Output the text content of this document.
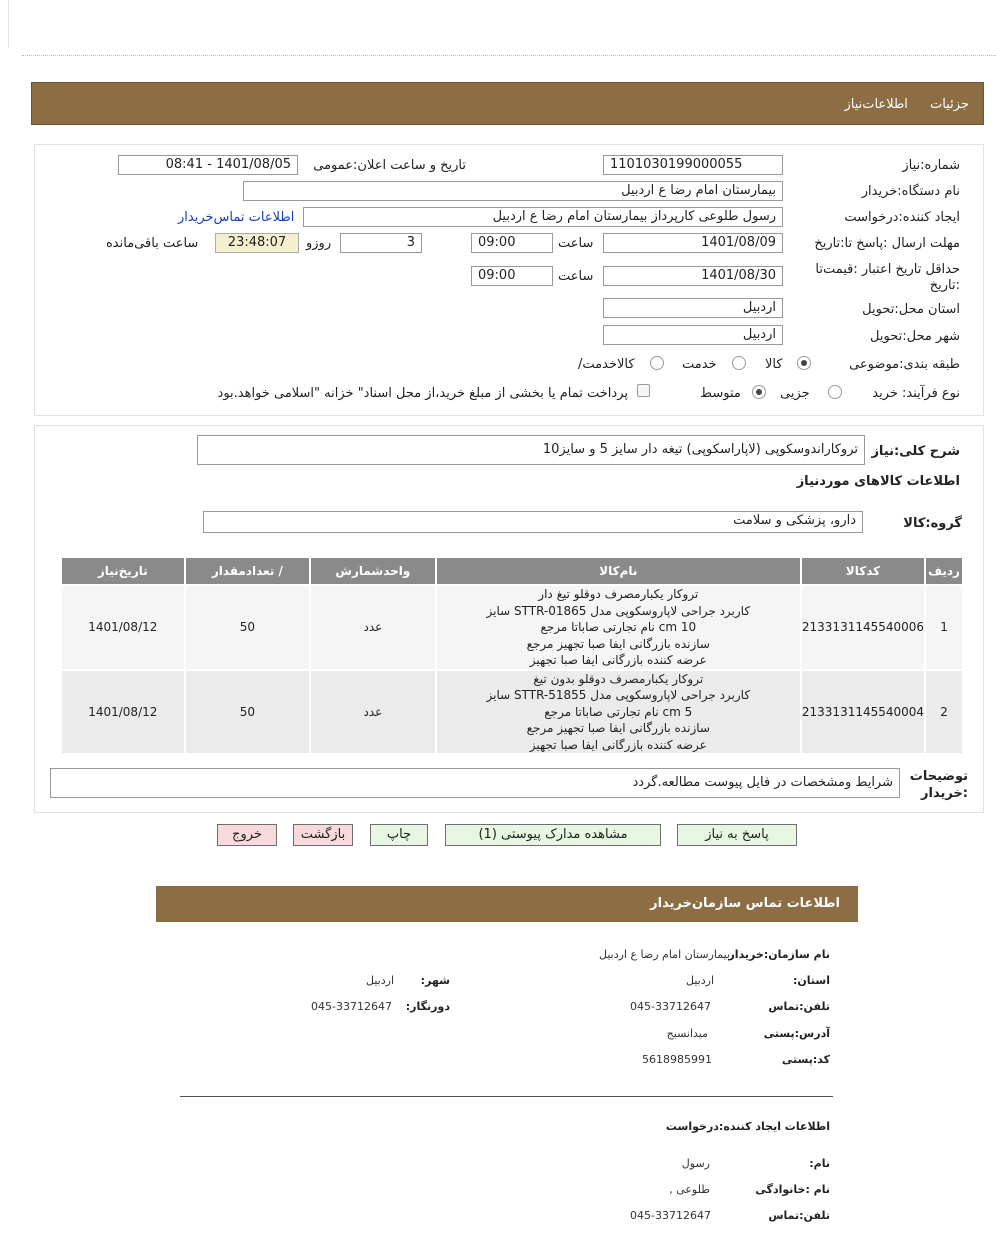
جزئیات اطلاعات‌نیاز
شماره:نیاز
1101030199000055
تاریخ و ساعت اعلان:عمومی
1401/08/05 - 08:41
نام دستگاه:خریدار
بیمارستان امام رضا ع اردبیل
ایجاد کننده:درخواست
رسول طلوعی کارپرداز بیمارستان امام رضا ع اردبیل
اطلاعات تماس‌خریدار
مهلت ارسال :پاسخ تا:تاریخ
1401/08/09
ساعت
09:00
3
روزو
23:48:07
ساعت باقی‌مانده
حداقل تاریخ اعتبار :قیمت‌تا :تاریخ
1401/08/30
ساعت
09:00
استان محل:تحویل
اردبیل
شهر محل:تحویل
اردبیل
طبقه بندی:موضوعی
کالا
خدمت
/کالاخدمت
نوع فرآیند: خرید
جزیی
متوسط
پرداخت تمام یا بخشی از مبلغ خرید،از محل اسناد" خزانه "اسلامی خواهد.بود
شرح کلی:نیاز
تروکاراندوسکوپی (لاپاراسکوپی) تیغه دار سایز 5 و سایز10
اطلاعات کالاهای موردنیاز
گروه:کالا
دارو، پزشکی و سلامت
ردیف	کدکالا	نام‌کالا	واحدشمارش	/ تعدادمقدار	تاریخ‌نیاز
1	2133131145540006	تروکار یکبارمصرف دوقلو تیغ دار
کاربرد جراحی لاپاروسکوپی مدل STTR-01865 سایز
10 cm نام تجارتی صاباتا مرجع
سازنده بازرگانی ایفا صبا تجهیز مرجع
عرضه کننده بازرگانی ایفا صبا تجهیز	عدد	50	1401/08/12
2	2133131145540004	تروکار یکبارمصرف دوقلو بدون تیغ
کاربرد جراحی لاپاروسکوپی مدل STTR-51855 سایز
5 cm نام تجارتی صاباتا مرجع
سازنده بازرگانی ایفا صبا تجهیز مرجع
عرضه کننده بازرگانی ایفا صبا تجهیز	عدد	50	1401/08/12
توضیحات :خریدار
شرایط ومشخصات در فایل پیوست مطالعه.گردد
پاسخ به نیاز
مشاهده مدارک پیوستی (1)
چاپ
بازگشت
خروج
اطلاعات تماس سازمان‌خریدار
نام سازمان:خریدار
بیمارستان امام رضا ع اردبیل
استان:
اردبیل
شهر:
اردبیل
تلفن:تماس
045-33712647
دورنگار:
045-33712647
آدرس:پستی
میدانسبح
کد:پستی
5618985991
اطلاعات ایجاد کننده:درخواست
نام:
رسول
نام :خانوادگی
طلوعی ,
تلفن:تماس
045-33712647
